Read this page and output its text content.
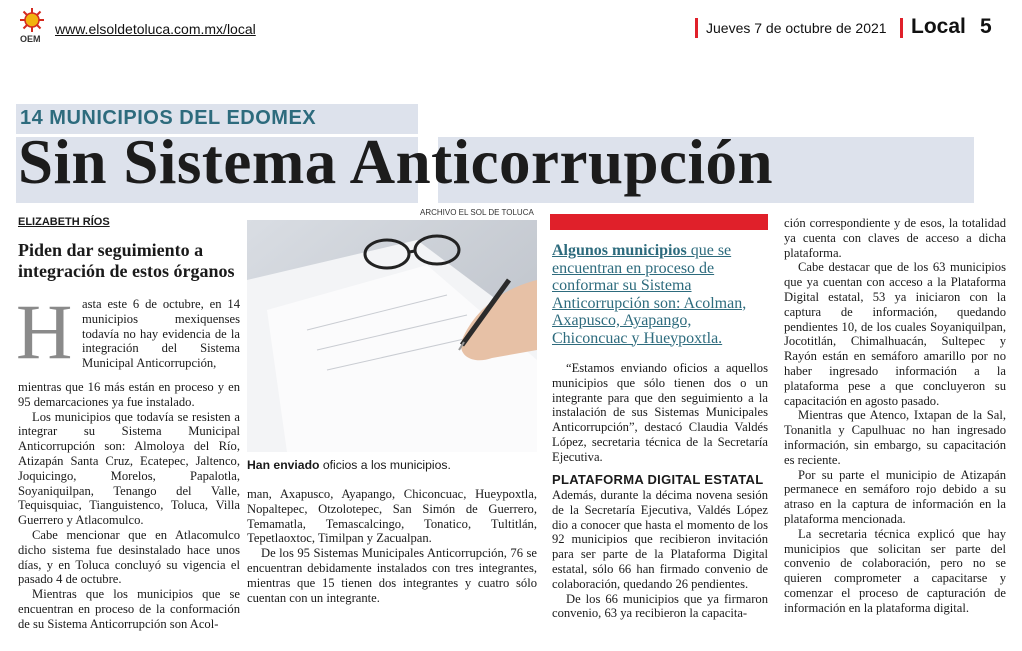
OEM
www.elsoldetoluca.com.mx/local	Jueves 7 de octubre de 2021 Local 5
14 MUNICIPIOS DEL EDOMEX
Sin Sistema Anticorrupción
ELIZABETH RÍOS
Piden dar seguimiento a integración de estos órganos
H asta este 6 de octubre, en 14 municipios mexiquenses todavía no hay evidencia de la integración del Sistema Municipal Anticorrupción,

mientras que 16 más están en proceso y en 95 demarcaciones ya fue instalado.

Los municipios que todavía se resisten a integrar su Sistema Municipal Anticorrupción son: Almoloya del Río, Atizapán Santa Cruz, Ecatepec, Jaltenco, Joquicingo, Morelos, Papalotla, Soyaniquilpan, Tenango del Valle, Tequisquiac, Tianguistenco, Toluca, Villa Guerrero y Atlacomulco.

Cabe mencionar que en Atlacomulco dicho sistema fue desinstalado hace unos días, y en Toluca concluyó su vigencia el pasado 4 de octubre.

Mientras que los municipios que se encuentran en proceso de la conformación de su Sistema Anticorrupción son Acol-

ARCHIVO EL SOL DE TOLUCA
Han enviado oficios a los municipios.

man, Axapusco, Ayapango, Chiconcuac, Hueypoxtla, Nopaltepec, Otzolotepec, San Simón de Guerrero, Temamatla, Temascalcingo, Tonatico, Tultitlán, Tepetlaoxtoc, Timilpan y Zacualpan.

De los 95 Sistemas Municipales Anticorrupción, 76 se encuentran debidamente instalados con tres integrantes, mientras que 15 tienen dos integrantes y cuatro sólo cuentan con un integrante.

Algunos municipios que se encuentran en proceso de conformar su Sistema Anticorrupción son: Acolman, Axapusco, Ayapango, Chiconcuac y Hueypoxtla.

“Estamos enviando oficios a aquellos municipios que sólo tienen dos o un integrante para que den seguimiento a la instalación de sus Sistemas Municipales Anticorrupción”, destacó Claudia Valdés López, secretaria técnica de la Secretaría Ejecutiva.

PLATAFORMA DIGITAL ESTATAL

Además, durante la décima novena sesión de la Secretaría Ejecutiva, Valdés López dio a conocer que hasta el momento de los 92 municipios que recibieron invitación para ser parte de la Plataforma Digital estatal, sólo 66 han firmado convenio de colaboración, quedando 26 pendientes.

De los 66 municipios que ya firmaron convenio, 63 ya recibieron la capacita-

ción correspondiente y de esos, la totalidad ya cuenta con claves de acceso a dicha plataforma.

Cabe destacar que de los 63 municipios que ya cuentan con acceso a la Plataforma Digital estatal, 53 ya iniciaron con la captura de información, quedando pendientes 10, de los cuales Soyaniquilpan, Jocotitlán, Chimalhuacán, Sultepec y Rayón están en semáforo amarillo por no haber ingresado información a la plataforma pese a que concluyeron su capacitación en agosto pasado.

Mientras que Atenco, Ixtapan de la Sal, Tonanitla y Capulhuac no han ingresado información, sin embargo, su capacitación es reciente.

Por su parte el municipio de Atizapán permanece en semáforo rojo debido a su atraso en la captura de información en la plataforma mencionada.

La secretaria técnica explicó que hay municipios que solicitan ser parte del convenio de colaboración, pero no se quieren comprometer a capacitarse y comenzar el proceso de capturación de información en la plataforma digital.
